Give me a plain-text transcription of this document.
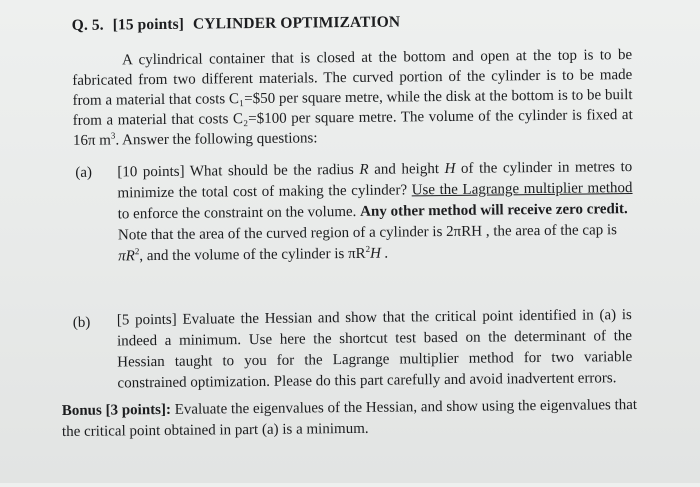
Q. 5. [15 points] CYLINDER OPTIMIZATION
A cylindrical container that is closed at the bottom and open at the top is to be fabricated from two different materials. The curved portion of the cylinder is to be made from a material that costs C₁=$50 per square metre, while the disk at the bottom is to be built from a material that costs C₂=$100 per square metre. The volume of the cylinder is fixed at 16π $m^3$. Answer the following questions:
(a) [10 points] What should be the radius R and height H of the cylinder in metres to minimize the total cost of making the cylinder? Use the Lagrange multiplier method to enforce the constraint on the volume. Any other method will receive zero credit.
Note that the area of the curved region of a cylinder is 2πRH , the area of the cap is
$\pi R^2$, and the volume of the cylinder is $\pi R^2H$ .
(b) [5 points] Evaluate the Hessian and show that the critical point identified in (a) is indeed a minimum. Use here the shortcut test based on the determinant of the Hessian taught to you for the Lagrange multiplier method for two variable constrained optimization. Please do this part carefully and avoid inadvertent errors.
Bonus [3 points]: Evaluate the eigenvalues of the Hessian, and show using the eigenvalues that the critical point obtained in part (a) is a minimum.
